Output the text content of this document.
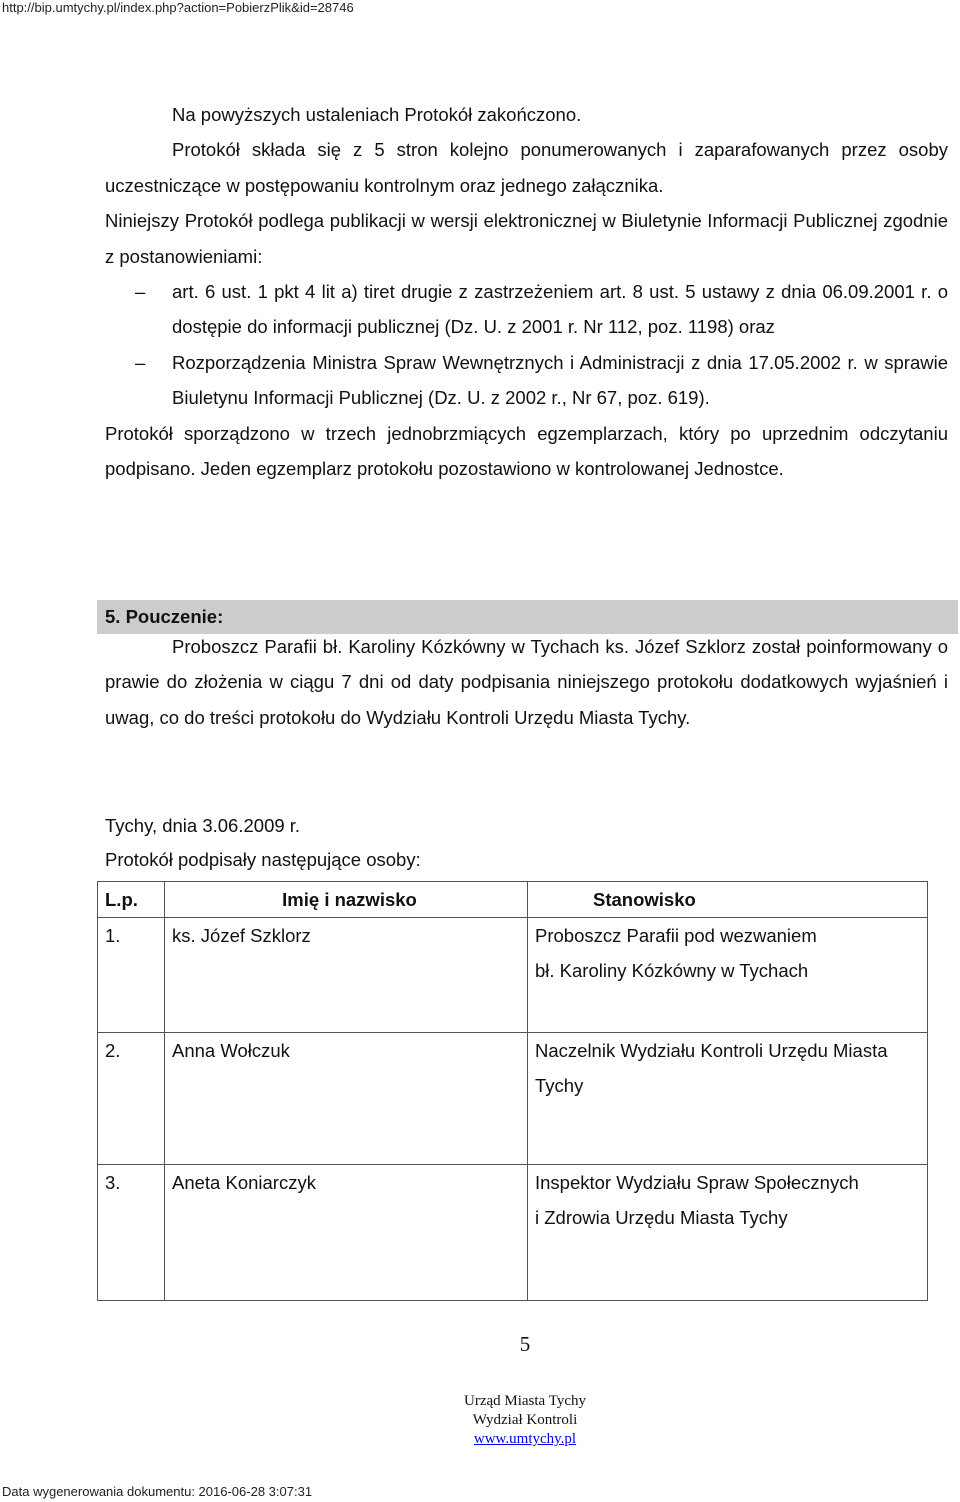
http://bip.umtychy.pl/index.php?action=PobierzPlik&id=28746

Na powyższych ustaleniach Protokół zakończono.

Protokół składa się z 5 stron kolejno ponumerowanych i zaparafowanych przez osoby uczestniczące w postępowaniu kontrolnym oraz jednego załącznika.

Niniejszy Protokół podlega publikacji w wersji elektronicznej w Biuletynie Informacji Publicznej zgodnie z postanowieniami:

– art. 6 ust. 1 pkt 4 lit a) tiret drugie z zastrzeżeniem art. 8 ust. 5 ustawy z dnia 06.09.2001 r. o dostępie do informacji publicznej (Dz. U. z 2001 r. Nr 112, poz. 1198) oraz
– Rozporządzenia Ministra Spraw Wewnętrznych i Administracji z dnia 17.05.2002 r. w sprawie Biuletynu Informacji Publicznej (Dz. U. z 2002 r., Nr 67, poz. 619).

Protokół sporządzono w trzech jednobrzmiących egzemplarzach, który po uprzednim odczytaniu podpisano. Jeden egzemplarz protokołu pozostawiono w kontrolowanej Jednostce.

5. Pouczenie:

Proboszcz Parafii bł. Karoliny Kózkówny w Tychach ks. Józef Szklorz został poinformowany o prawie do złożenia w ciągu 7 dni od daty podpisania niniejszego protokołu dodatkowych wyjaśnień i uwag, co do treści protokołu do Wydziału Kontroli Urzędu Miasta Tychy.

Tychy, dnia 3.06.2009 r.
Protokół podpisały następujące osoby:
L.p.	Imię i nazwisko	Stanowisko
1.	ks. Józef Szklorz	Proboszcz Parafii pod wezwaniem
bł. Karoliny Kózkówny w Tychach

2.	Anna Wołczuk	Naczelnik Wydziału Kontroli Urzędu Miasta
Tychy

3.	Aneta Koniarczyk	Inspektor Wydziału Spraw Społecznych
i Zdrowia Urzędu Miasta Tychy
5
Urząd Miasta Tychy
Wydział Kontroli
www.umtychy.pl
Data wygenerowania dokumentu: 2016-06-28 3:07:31
